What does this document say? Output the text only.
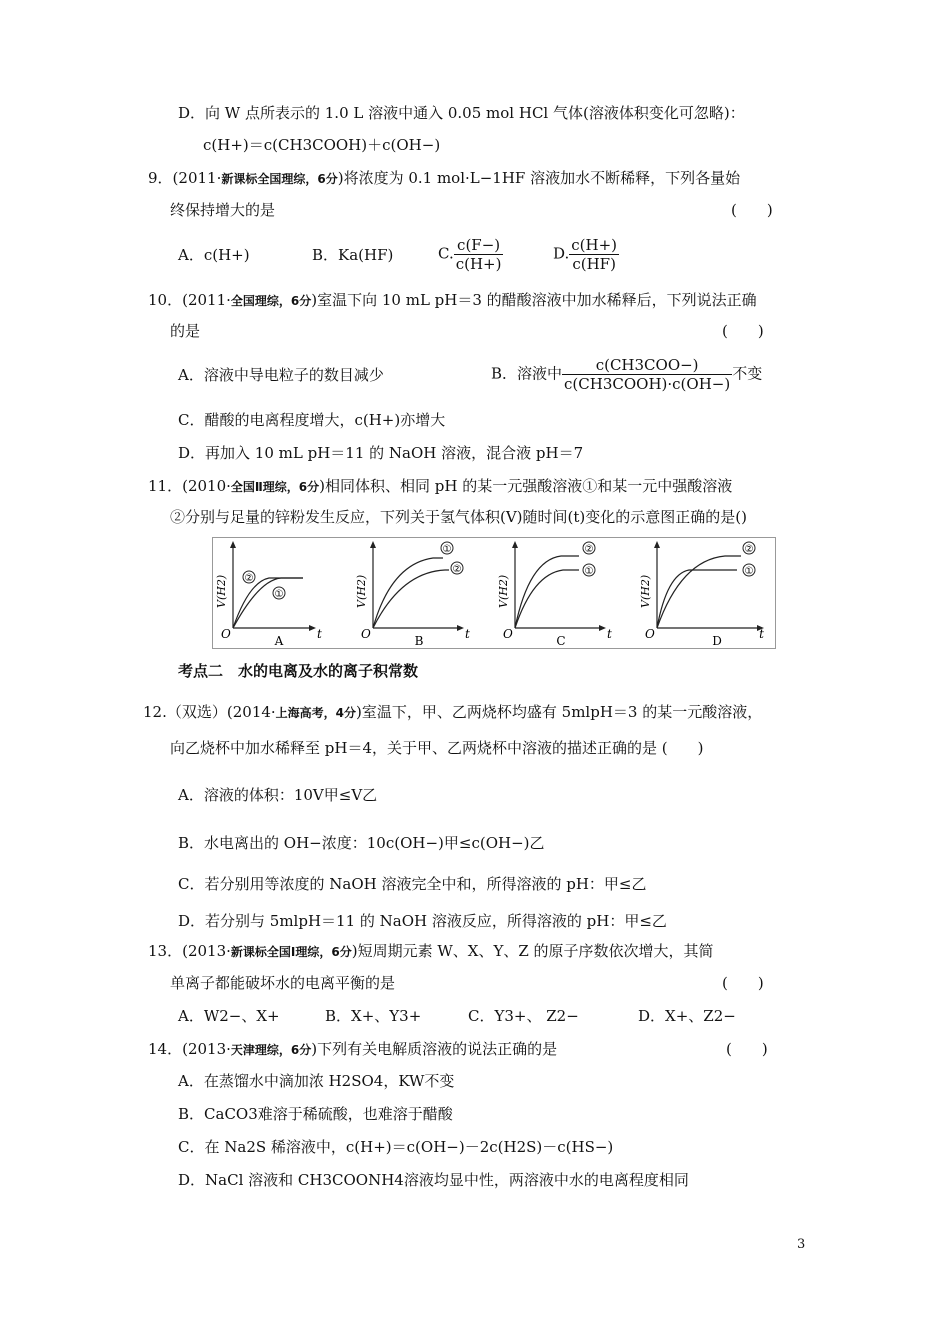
D．向 W 点所表示的 1.0 L 溶液中通入 0.05 mol HCl 气体(溶液体积变化可忽略)：
c(H+)＝c(CH3COOH)＋c(OH−)
9．(2011·新课标全国理综，6分)将浓度为 0.1 mol·L−1HF 溶液加水不断稀释，下列各量始
终保持增大的是	(　　)
A．c(H+)	B．Ka(HF)	C. $\frac{c(F-)}{c(H+)}$	D. $\frac{c(H+)}{c(HF)}$
10．(2011·全国理综，6分)室温下向 10 mL pH＝3 的醋酸溶液中加水稀释后，下列说法正确
的是	(　　)
A．溶液中导电粒子的数目减少	B．溶液中 $\frac{\text{c(CH3COO−)}}{\text{c(CH3COOH)·c(OH−)}}$ 不变
C．醋酸的电离程度增大，c(H+)亦增大
D．再加入 10 mL pH＝11 的 NaOH 溶液，混合液 pH＝7
11．(2010·全国Ⅱ理综，6分)相同体积、相同 pH 的某一元强酸溶液①和某一元中强酸溶液
②分别与足量的锌粉发生反应，下列关于氢气体积(V)随时间(t)变化的示意图正确的是()
②
①
V(H2)
O	t
A
①
②
V(H2)
O	t
B
②
①
V(H2)
O	t
C
②
①
V(H2)
O	t
D
考点二　水的电离及水的离子积常数
12.（双选）(2014·上海高考，4分)室温下，甲、乙两烧杯均盛有 5mlpH＝3 的某一元酸溶液，
向乙烧杯中加水稀释至 pH＝4，关于甲、乙两烧杯中溶液的描述正确的是 (　　)
A．溶液的体积：10V甲≤V乙
B．水电离出的 OH−浓度：10c(OH−)甲≤c(OH−)乙
C．若分别用等浓度的 NaOH 溶液完全中和，所得溶液的 pH：甲≤乙
D．若分别与 5mlpH＝11 的 NaOH 溶液反应，所得溶液的 pH：甲≤乙
13．(2013·新课标全国Ⅰ理综，6分)短周期元素 W、X、Y、Z 的原子序数依次增大，其简
单离子都能破坏水的电离平衡的是	(　　)
A．W2−、X+	B．X+、Y3+	C．Y3+、 Z2−	D．X+、Z2−
14．(2013·天津理综，6分)下列有关电解质溶液的说法正确的是	(　　)
A．在蒸馏水中滴加浓 H2SO4，KW不变
B．CaCO3难溶于稀硫酸，也难溶于醋酸
C．在 Na2S 稀溶液中，c(H+)＝c(OH−)－2c(H2S)－c(HS−)
D．NaCl 溶液和 CH3COONH4溶液均显中性，两溶液中水的电离程度相同
3
